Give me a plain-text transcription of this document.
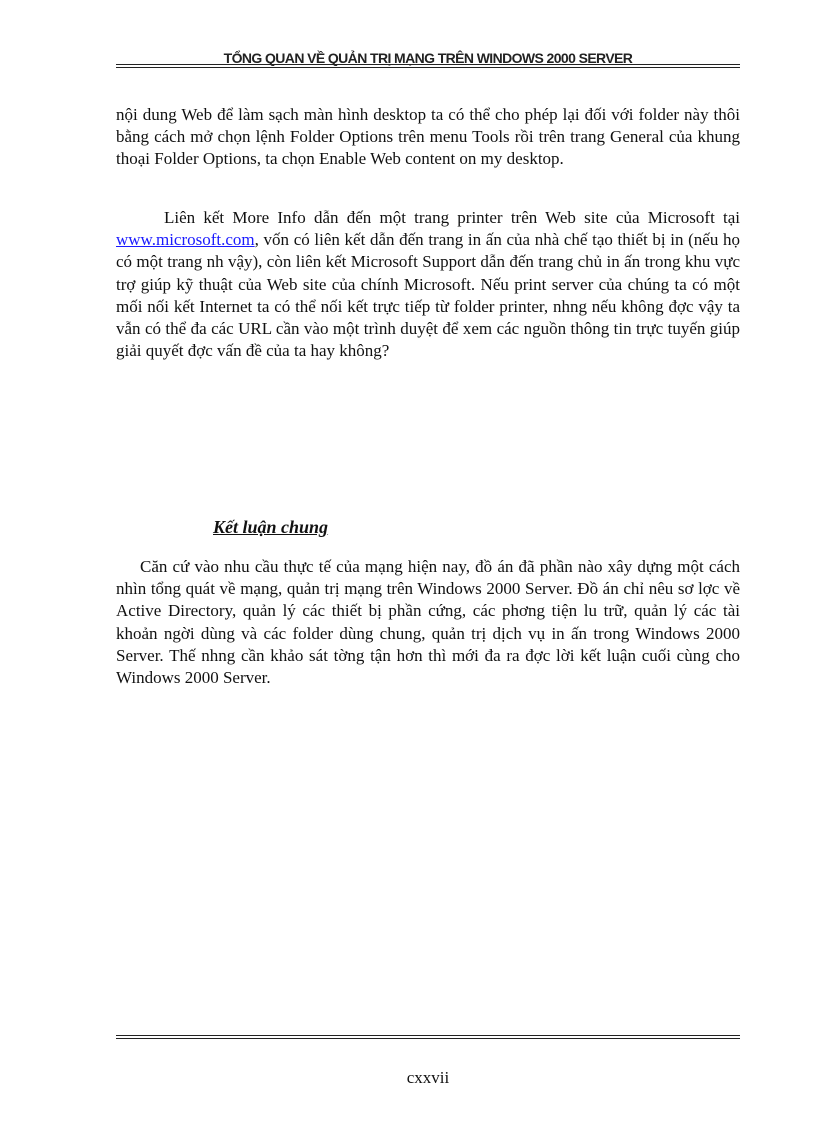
TỔNG QUAN VỀ QUẢN TRỊ MẠNG TRÊN WINDOWS 2000 SERVER

nội dung Web để làm sạch màn hình desktop ta có thể cho phép lại đối với folder này thôi bằng cách mở chọn lệnh Folder Options trên menu Tools rồi trên trang General của khung thoại Folder Options, ta chọn Enable Web content on my desktop.

Liên kết More Info dẫn đến một trang printer trên Web site của Microsoft tại www.microsoft.com, vốn có liên kết dẫn đến trang in ấn của nhà chế tạo thiết bị in (nếu họ có một trang nh vậy), còn liên kết Microsoft Support dẫn đến trang chủ in ấn trong khu vực trợ giúp kỹ thuật của Web site của chính Microsoft. Nếu print server của chúng ta có một mối nối kết Internet ta có thể nối kết trực tiếp từ folder printer, nhng nếu không đợc vậy ta vẫn có thể đa các URL cần vào một trình duyệt để xem các nguồn thông tin trực tuyến giúp giải quyết đợc vấn đề của ta hay không?

Kết luận chung

Căn cứ vào nhu cầu thực tế của mạng hiện nay, đồ án đã phần nào xây dựng một cách nhìn tổng quát về mạng, quản trị mạng trên Windows 2000 Server. Đồ án chỉ nêu sơ lợc về Active Directory, quản lý các thiết bị phần cứng, các phơng tiện lu trữ, quản lý các tài khoản ngời dùng và các folder dùng chung, quản trị dịch vụ in ấn trong Windows 2000 Server. Thế nhng cần khảo sát tờng tận hơn thì mới đa ra đợc lời kết luận cuối cùng cho Windows 2000 Server.

cxxvii
